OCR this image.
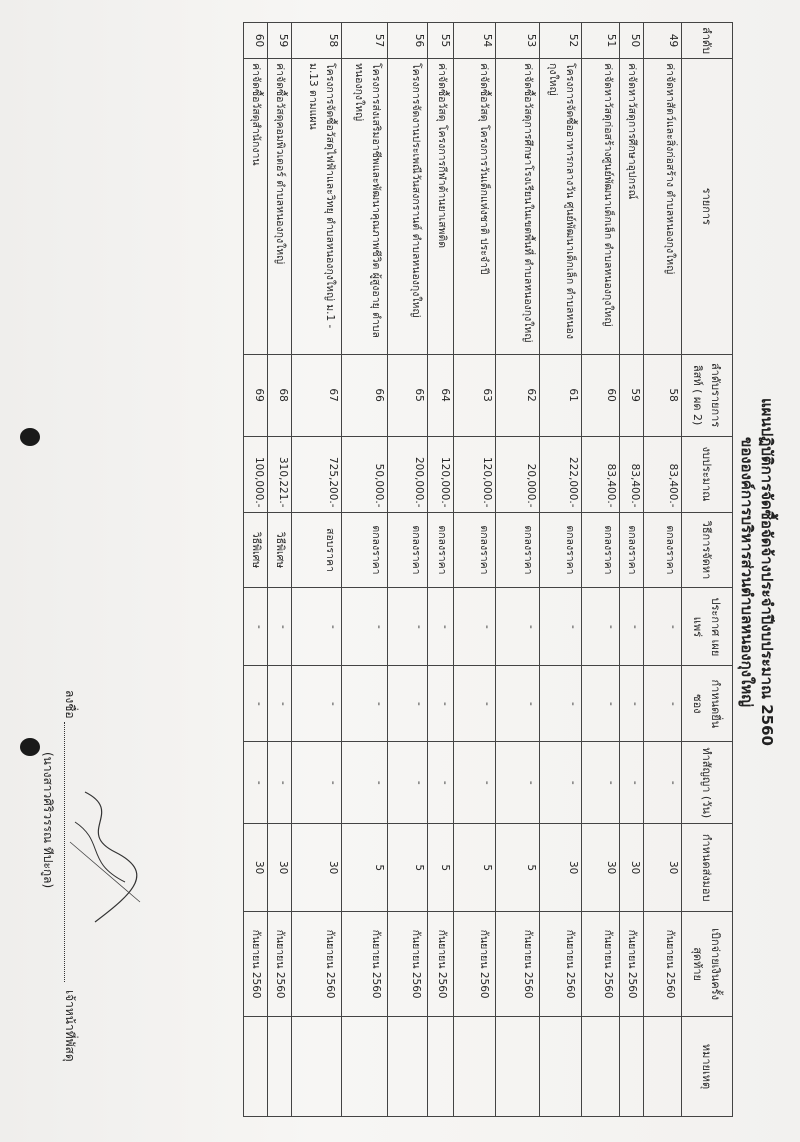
แผนปฏิบัติการจัดซื้อจัดจ้างประจำปีงบประมาณ 2560
ขององค์การบริหารส่วนตำบลหนองกุงใหญ่
ลำดับ	รายการ	ลำดับรายการ ลิสท์ ( ผด 2)	งบประมาณ	วิธีการจัดหา	ประกาศ เผยแพร่	กำหนดยื่นซอง	ทำสัญญา (วัน)	กำหนดส่งมอบ	เบิกจ่ายเงินครั้งสุดท้าย	หมายเหตุ
49	ค่าจัดหาสัตว์และสิ่งก่อสร้าง ตำบลหนองกุงใหญ่	58	83,400.-	ตกลงราคา	-	-	-	30	กันยายน 2560	
50	ค่าจัดหาวัสดุการศึกษาอุปกรณ์	59	83,400.-	ตกลงราคา	-	-	-	30	กันยายน 2560	
51	ค่าจัดหาวัสดุก่อสร้างศูนย์พัฒนาเด็กเล็ก ตำบลหนองกุงใหญ่	60	83,400.-	ตกลงราคา	-	-	-	30	กันยายน 2560	
52	โครงการจัดซื้ออาหารกลางวัน ศูนย์พัฒนาเด็กเล็ก ตำบลหนองกุงใหญ่	61	222,000.-	ตกลงราคา	-	-	-	30	กันยายน 2560	
53	ค่าจัดซื้อวัสดุการศึกษาโรงเรียนในเขตพื้นที่ ตำบลหนองกุงใหญ่	62	20,000.-	ตกลงราคา	-	-	-	5	กันยายน 2560	
54	ค่าจัดซื้อวัสดุ โครงการวันเด็กแห่งชาติ ประจำปี	63	120,000.-	ตกลงราคา	-	-	-	5	กันยายน 2560	
55	ค่าจัดซื้อวัสดุ โครงการกีฬาต้านยาเสพติด	64	120,000.-	ตกลงราคา	-	-	-	5	กันยายน 2560	
56	โครงการจัดงานประเพณีวันสงกรานต์ ตำบลหนองกุงใหญ่	65	200,000.-	ตกลงราคา	-	-	-	5	กันยายน 2560	
57	โครงการส่งเสริมอาชีพและพัฒนาคุณภาพชีวิต ผู้สูงอายุ ตำบลหนองกุงใหญ่	66	50,000.-	ตกลงราคา	-	-	-	5	กันยายน 2560	
58	โครงการจัดซื้อวัสดุไฟฟ้าและวิทยุ ตำบลหนองกุงใหญ่ ม.1 - ม.13 ตามแผน	67	725,200.-	สอบราคา	-	-	-	30	กันยายน 2560	
59	ค่าจัดซื้อวัสดุคอมพิวเตอร์ ตำบลหนองกุงใหญ่	68	310,221.-	วิธีพิเศษ	-	-	-	30	กันยายน 2560	
60	ค่าจัดซื้อวัสดุสำนักงาน	69	100,000.-	วิธีพิเศษ	-	-	-	30	กันยายน 2560	
ลงชื่อ
เจ้าหน้าที่พัสดุ
(นางสาวศิริวรรณ ทีปะกูล)
